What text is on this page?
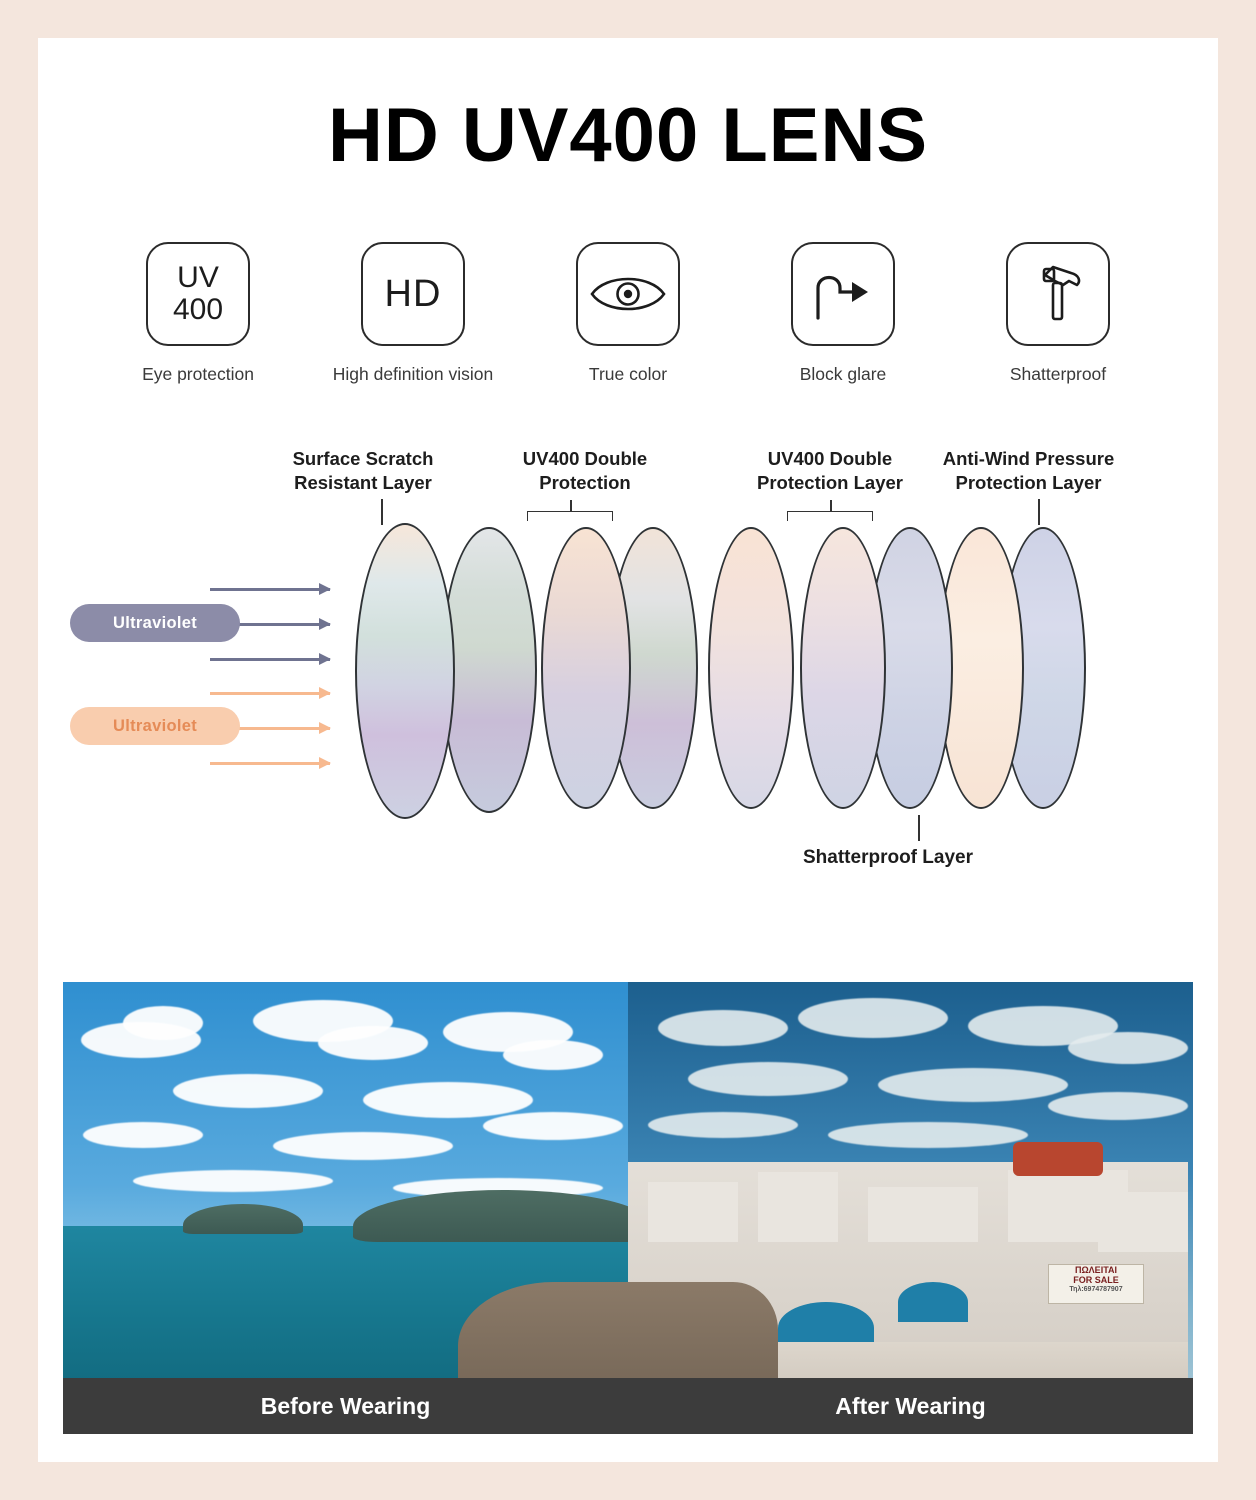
HD UV400 LENS
UV
400
Eye protection
HD
High definition vision	True color	Block glare	Shatterproof
Surface Scratch
Resistant Layer
UV400 Double
Protection
UV400 Double
Protection Layer
Anti-Wind Pressure
Protection Layer
Shatterproof Layer
Ultraviolet
Ultraviolet
ΠΩΛΕΙΤΑΙ
FOR SALE
Τηλ:6974787907
Before Wearing	After Wearing
